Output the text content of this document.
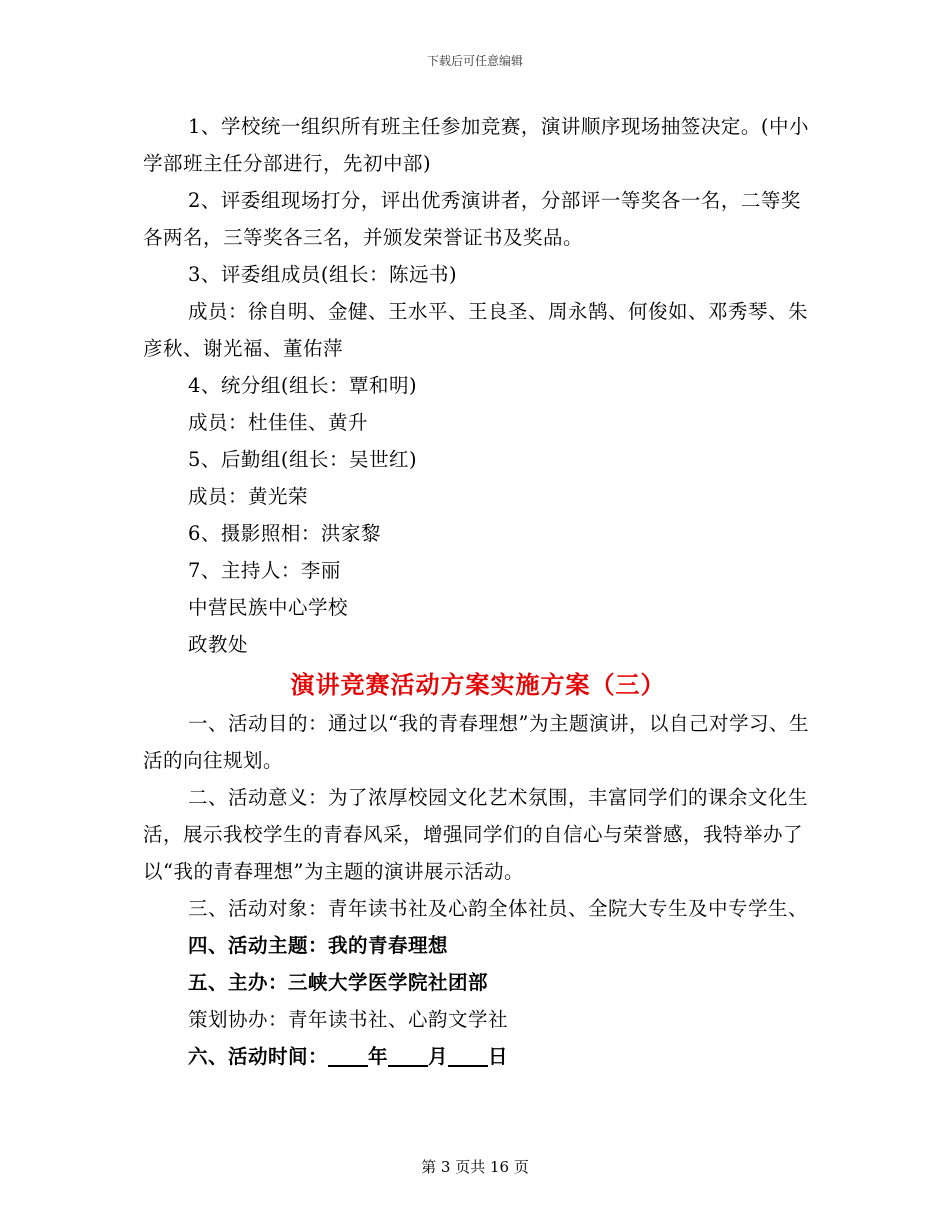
下载后可任意编辑

1、学校统一组织所有班主任参加竞赛，演讲顺序现场抽签决定。(中小学部班主任分部进行，先初中部)

2、评委组现场打分，评出优秀演讲者，分部评一等奖各一名，二等奖各两名，三等奖各三名，并颁发荣誉证书及奖品。

3、评委组成员(组长：陈远书)

成员：徐自明、金健、王水平、王良圣、周永鹄、何俊如、邓秀琴、朱彦秋、谢光福、董佑萍

4、统分组(组长：覃和明)

成员：杜佳佳、黄升

5、后勤组(组长：吴世红)

成员：黄光荣

6、摄影照相：洪家黎

7、主持人：李丽

中营民族中心学校

政教处

演讲竞赛活动方案实施方案（三）

一、活动目的：通过以“我的青春理想”为主题演讲，以自己对学习、生活的向往规划。

二、活动意义：为了浓厚校园文化艺术氛围，丰富同学们的课余文化生活，展示我校学生的青春风采，增强同学们的自信心与荣誉感，我特举办了以“我的青春理想”为主题的演讲展示活动。

三、活动对象：青年读书社及心韵全体社员、全院大专生及中专学生、

四、活动主题：我的青春理想

五、主办：三峡大学医学院社团部

策划协办：青年读书社、心韵文学社

六、活动时间： 年 月 日

第 3 页共 16 页
